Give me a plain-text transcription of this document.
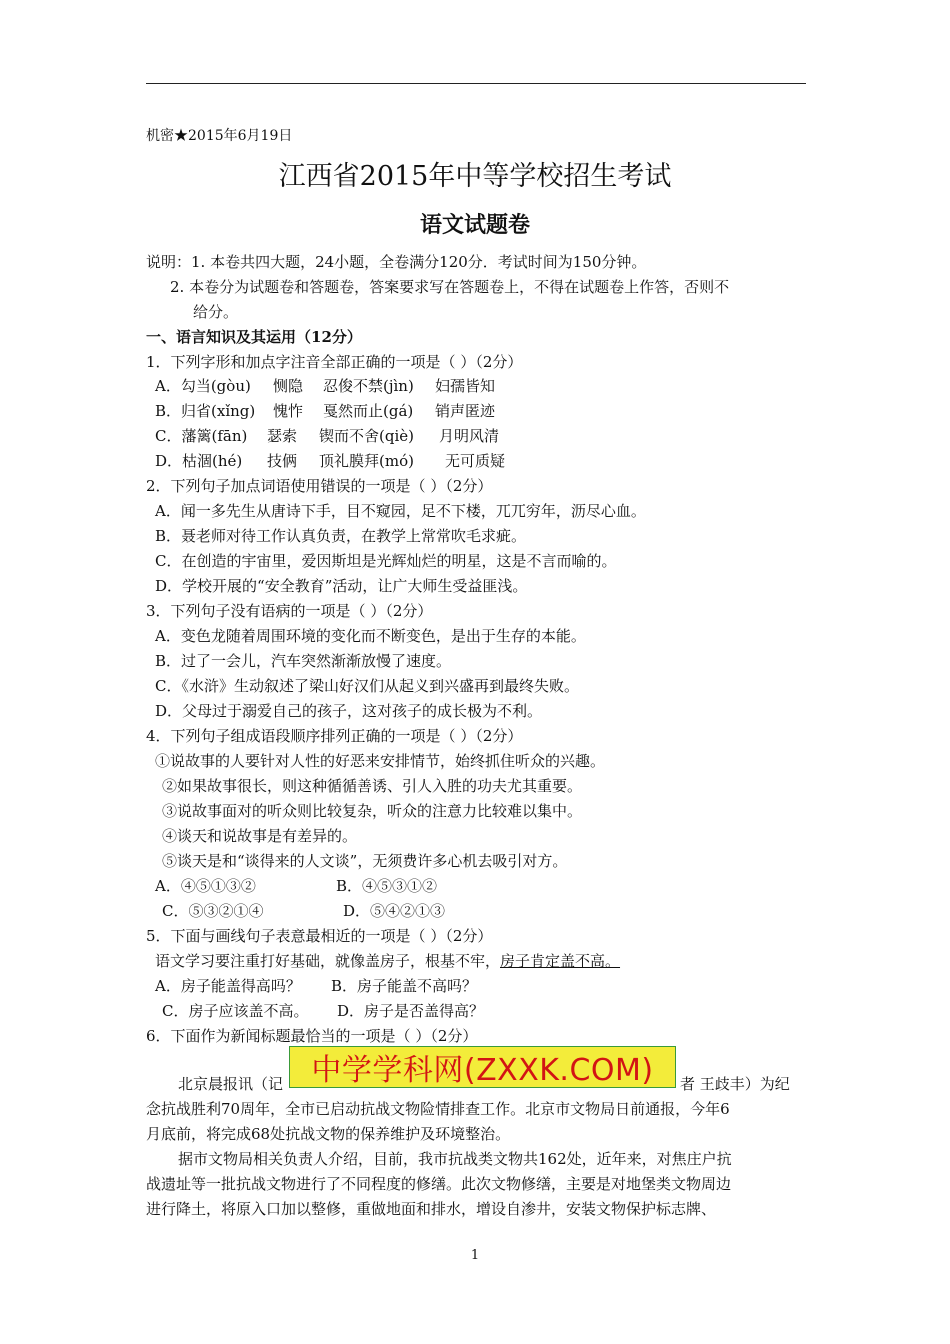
机密★2015年6月19日
江西省2015年中等学校招生考试
语文试题卷
说明：1. 本卷共四大题，24小题，全卷满分120分．考试时间为150分钟。
2. 本卷分为试题卷和答题卷，答案要求写在答题卷上，不得在试题卷上作答，否则不
给分。
一、语言知识及其运用（12分）
1．下列字形和加点字注音全部正确的一项是（ ）（2分）
A．勾当(gòu) 恻隐 忍俊不禁(jìn) 妇孺皆知
B．归省(xǐng) 愧怍 戛然而止(gá) 销声匿迹
C．藩篱(fān) 瑟索 锲而不舍(qiè) 月明风清
D．枯涸(hé) 技俩 顶礼膜拜(mó) 无可质疑
2．下列句子加点词语使用错误的一项是（ ）（2分）
A．闻一多先生从唐诗下手，目不窥园，足不下楼，兀兀穷年，沥尽心血。
B．聂老师对待工作认真负责，在教学上常常吹毛求疵。
C．在创造的宇宙里，爱因斯坦是光辉灿烂的明星，这是不言而喻的。
D．学校开展的“安全教育”活动，让广大师生受益匪浅。
3．下列句子没有语病的一项是（ ）（2分）
A．变色龙随着周围环境的变化而不断变色，是出于生存的本能。
B．过了一会儿，汽车突然渐渐放慢了速度。
C．《水浒》生动叙述了梁山好汉们从起义到兴盛再到最终失败。
D．父母过于溺爱自己的孩子，这对孩子的成长极为不利。
4．下列句子组成语段顺序排列正确的一项是（ ）（2分）
①说故事的人要针对人性的好恶来安排情节，始终抓住听众的兴趣。
②如果故事很长，则这种循循善诱、引人入胜的功夫尤其重要。
③说故事面对的听众则比较复杂，听众的注意力比较难以集中。
④谈天和说故事是有差异的。
⑤谈天是和“谈得来的人文谈”，无须费许多心机去吸引对方。
A．④⑤①③②	B．④⑤③①②
C．⑤③②①④	D．⑤④②①③
5．下面与画线句子表意最相近的一项是（ ）（2分）
语文学习要注重打好基础，就像盖房子，根基不牢，房子肯定盖不高。
A．房子能盖得高吗？ B．房子能盖不高吗？
C．房子应该盖不高。 D．房子是否盖得高？
6．下面作为新闻标题最恰当的一项是（ ）（2分）
北京晨报讯（记	者 王歧丰）为纪
念抗战胜利70周年，全市已启动抗战文物险情排查工作。北京市文物局日前通报，今年6
月底前，将完成68处抗战文物的保养维护及环境整治。
据市文物局相关负责人介绍，目前，我市抗战类文物共162处，近年来，对焦庄户抗
战遗址等一批抗战文物进行了不同程度的修缮。此次文物修缮，主要是对地堡类文物周边
进行降土，将原入口加以整修，重做地面和排水，增设自渗井，安装文物保护标志牌、
中学学科网(ZXXK.COM)
1
